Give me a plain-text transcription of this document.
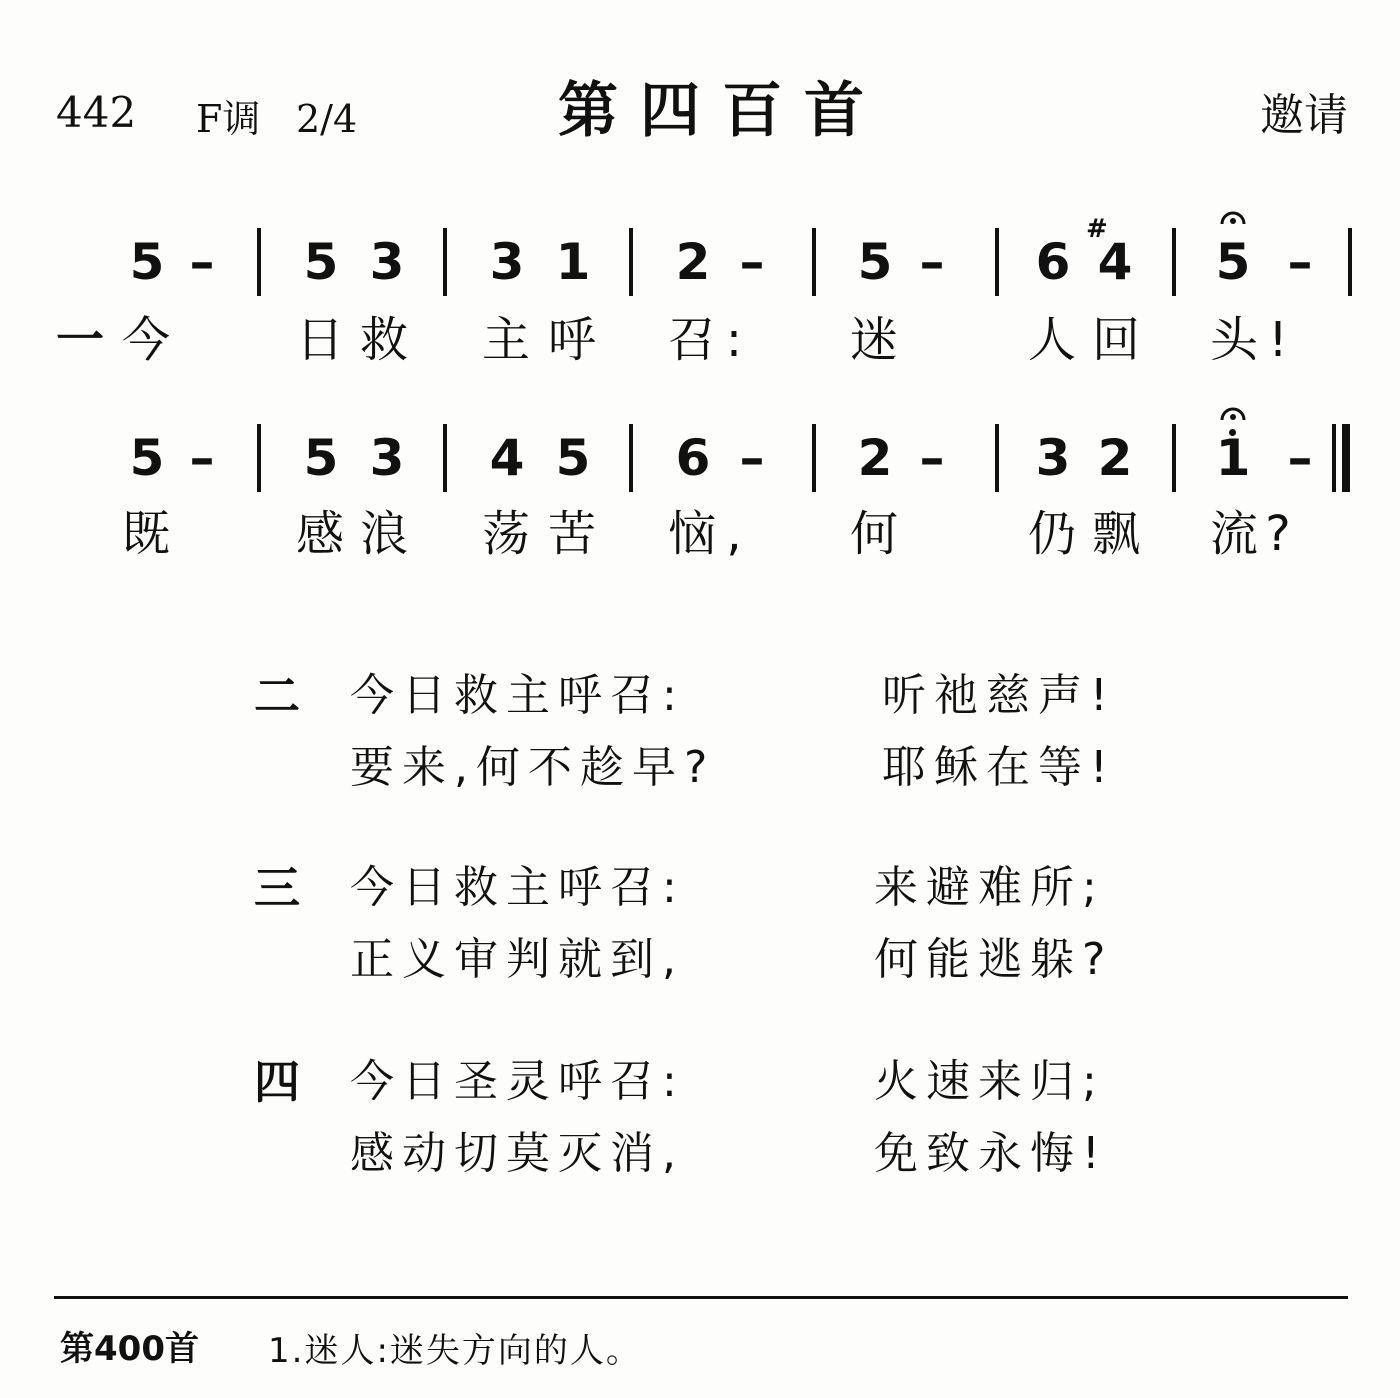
442 F调 2/4	第四百首	邀请
5 – 5 3 3 1 2 – 5 – 6
#
4 5 –
一 今	日 救 主 呼 召 : 迷	人 回 头 !
5 – 5 3 4 5 6 – 2 – 3 2 1 –
既	感 浪 荡 苦 恼 , 何	仍 飘 流 ?
二 今日救主呼召:	听祂慈声!
要来,何不趁早?	耶稣在等!
三 今日救主呼召:	来避难所;
正义审判就到,	何能逃躲?
四 今日圣灵呼召:	火速来归;
感动切莫灭消,	免致永悔!
第400首 1.迷人:迷失方向的人。
